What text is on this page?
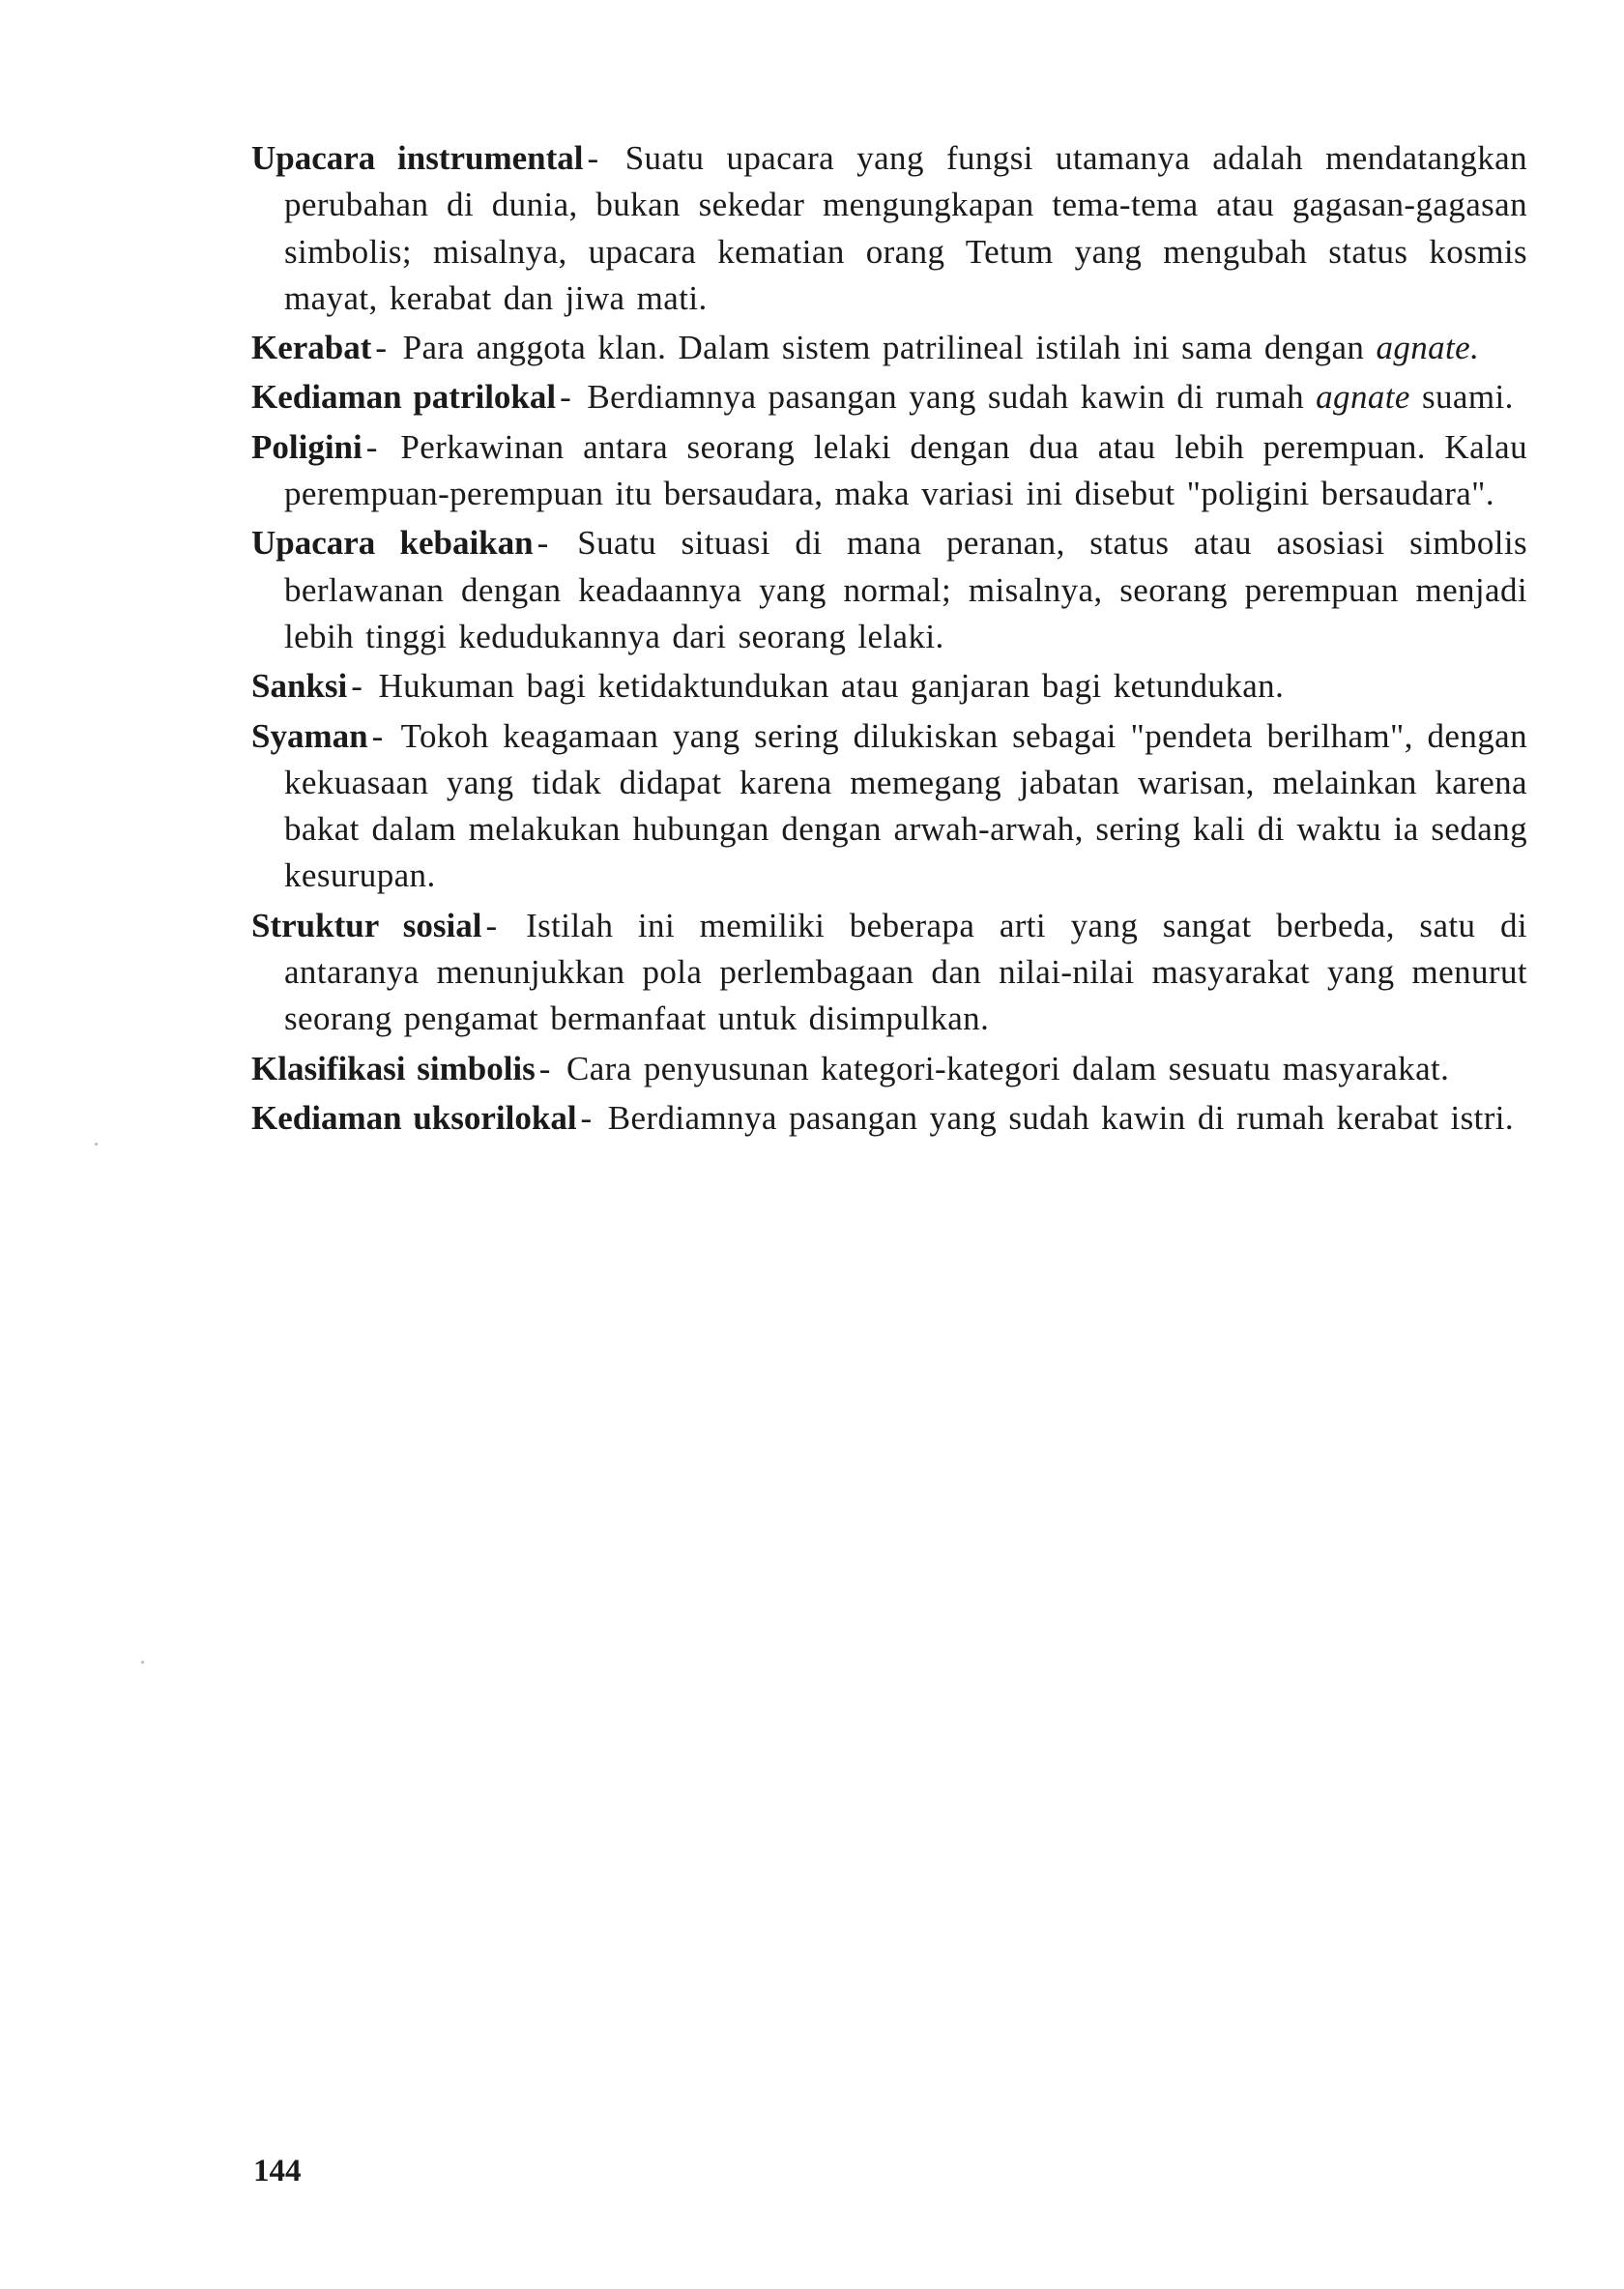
Upacara instrumental - Suatu upacara yang fungsi utamanya adalah mendatangkan perubahan di dunia, bukan sekedar mengungkapan tema-tema atau gagasan-gagasan simbolis; misalnya, upacara kematian orang Tetum yang mengubah status kosmis mayat, kerabat dan jiwa mati.

Kerabat - Para anggota klan. Dalam sistem patrilineal istilah ini sama dengan agnate.

Kediaman patrilokal - Berdiamnya pasangan yang sudah kawin di rumah agnate suami.

Poligini - Perkawinan antara seorang lelaki dengan dua atau lebih perempuan. Kalau perempuan-perempuan itu bersaudara, maka variasi ini disebut "poligini bersaudara".

Upacara kebaikan - Suatu situasi di mana peranan, status atau asosiasi simbolis berlawanan dengan keadaannya yang normal; misalnya, seorang perempuan menjadi lebih tinggi kedudukannya dari seorang lelaki.

Sanksi - Hukuman bagi ketidaktundukan atau ganjaran bagi ketundukan.

Syaman - Tokoh keagamaan yang sering dilukiskan sebagai "pendeta berilham", dengan kekuasaan yang tidak didapat karena memegang jabatan warisan, melainkan karena bakat dalam melakukan hubungan dengan arwah-arwah, sering kali di waktu ia sedang kesurupan.

Struktur sosial - Istilah ini memiliki beberapa arti yang sangat berbeda, satu di antaranya menunjukkan pola perlembagaan dan nilai-nilai masyarakat yang menurut seorang pengamat bermanfaat untuk disimpulkan.

Klasifikasi simbolis - Cara penyusunan kategori-kategori dalam sesuatu masyarakat.

Kediaman uksorilokal - Berdiamnya pasangan yang sudah kawin di rumah kerabat istri.

144
